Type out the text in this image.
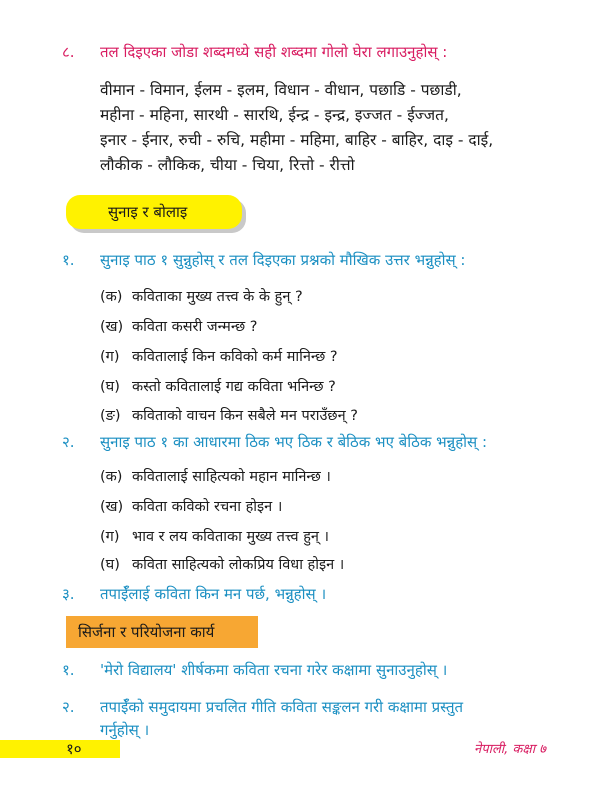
८. तल दिइएका जोडा शब्दमध्ये सही शब्दमा गोलो घेरा लगाउनुहोस् :
वीमान - विमान, ईलम - इलम, विधान - वीधान, पछाडि - पछाडी,
महीना - महिना, सारथी - सारथि, ईन्द्र - इन्द्र, इज्जत - ईज्जत,
इनार - ईनार, रुची - रुचि, महीमा - महिमा, बाहिर - बाहिर, दाइ - दाई,
लौकीक - लौकिक, चीया - चिया, रित्तो - रीत्तो
सुनाइ र बोलाइ
१. सुनाइ पाठ १ सुन्नुहोस् र तल दिइएका प्रश्नको मौखिक उत्तर भन्नुहोस् :
(क) कविताका मुख्य तत्त्व के के हुन् ?
(ख) कविता कसरी जन्मन्छ ?
(ग) कवितालाई किन कविको कर्म मानिन्छ ?
(घ) कस्तो कवितालाई गद्य कविता भनिन्छ ?
(ङ) कविताको वाचन किन सबैले मन पराउँछन् ?
२. सुनाइ पाठ १ का आधारमा ठिक भए ठिक र बेठिक भए बेठिक भन्नुहोस् :
(क) कवितालाई साहित्यको महान मानिन्छ ।
(ख) कविता कविको रचना होइन ।
(ग) भाव र लय कविताका मुख्य तत्त्व हुन् ।
(घ) कविता साहित्यको लोकप्रिय विधा होइन ।
३. तपाईँलाई कविता किन मन पर्छ, भन्नुहोस् ।
सिर्जना र परियोजना कार्य
१. 'मेरो विद्यालय' शीर्षकमा कविता रचना गरेर कक्षामा सुनाउनुहोस् ।
२. तपाईँको समुदायमा प्रचलित गीति कविता सङ्कलन गरी कक्षामा प्रस्तुत
गर्नुहोस् ।
१०	नेपाली, कक्षा ७
